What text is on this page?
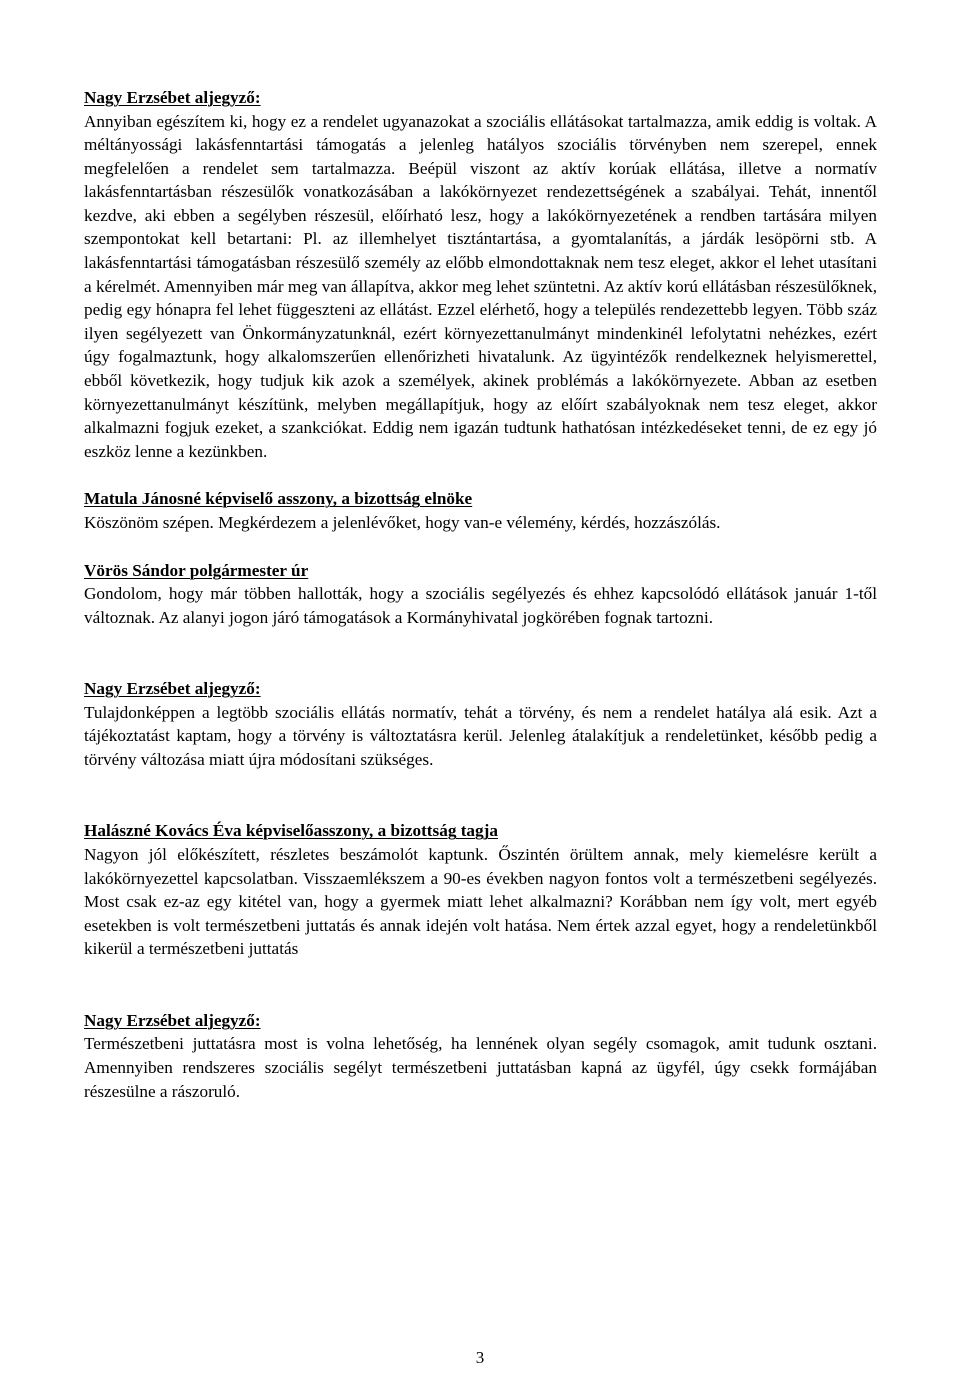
Nagy Erzsébet aljegyző:

Annyiban egészítem ki, hogy ez a rendelet ugyanazokat a szociális ellátásokat tartalmazza, amik eddig is voltak. A méltányossági lakásfenntartási támogatás a jelenleg hatályos szociális törvényben nem szerepel, ennek megfelelően a rendelet sem tartalmazza. Beépül viszont az aktív korúak ellátása, illetve a normatív lakásfenntartásban részesülők vonatkozásában a lakókörnyezet rendezettségének a szabályai. Tehát, innentől kezdve, aki ebben a segélyben részesül, előírható lesz, hogy a lakókörnyezetének a rendben tartására milyen szempontokat kell betartani: Pl. az illemhelyet tisztántartása, a gyomtalanítás, a járdák lesöpörni stb. A lakásfenntartási támogatásban részesülő személy az előbb elmondottaknak nem tesz eleget, akkor el lehet utasítani a kérelmét. Amennyiben már meg van állapítva, akkor meg lehet szüntetni. Az aktív korú ellátásban részesülőknek, pedig egy hónapra fel lehet függeszteni az ellátást. Ezzel elérhető, hogy a település rendezettebb legyen. Több száz ilyen segélyezett van Önkormányzatunknál, ezért környezettanulmányt mindenkinél lefolytatni nehézkes, ezért úgy fogalmaztunk, hogy alkalomszerűen ellenőrizheti hivatalunk. Az ügyintézők rendelkeznek helyismerettel, ebből következik, hogy tudjuk kik azok a személyek, akinek problémás a lakókörnyezete. Abban az esetben környezettanulmányt készítünk, melyben megállapítjuk, hogy az előírt szabályoknak nem tesz eleget, akkor alkalmazni fogjuk ezeket, a szankciókat. Eddig nem igazán tudtunk hathatósan intézkedéseket tenni, de ez egy jó eszköz lenne a kezünkben.

Matula Jánosné képviselő asszony, a bizottság elnöke

Köszönöm szépen. Megkérdezem a jelenlévőket, hogy van-e vélemény, kérdés, hozzászólás.

Vörös Sándor polgármester úr

Gondolom, hogy már többen hallották, hogy a szociális segélyezés és ehhez kapcsolódó ellátások január 1-től változnak. Az alanyi jogon járó támogatások a Kormányhivatal jogkörében fognak tartozni.

Nagy Erzsébet aljegyző:

Tulajdonképpen a legtöbb szociális ellátás normatív, tehát a törvény, és nem a rendelet hatálya alá esik. Azt a tájékoztatást kaptam, hogy a törvény is változtatásra kerül. Jelenleg átalakítjuk a rendeletünket, később pedig a törvény változása miatt újra módosítani szükséges.

Halászné Kovács Éva képviselőasszony, a bizottság tagja

Nagyon jól előkészített, részletes beszámolót kaptunk. Őszintén örültem annak, mely kiemelésre került a lakókörnyezettel kapcsolatban. Visszaemlékszem a 90-es években nagyon fontos volt a természetbeni segélyezés. Most csak ez-az egy kitétel van, hogy a gyermek miatt lehet alkalmazni? Korábban nem így volt, mert egyéb esetekben is volt természetbeni juttatás és annak idején volt hatása. Nem értek azzal egyet, hogy a rendeletünkből kikerül a természetbeni juttatás

Nagy Erzsébet aljegyző:

Természetbeni juttatásra most is volna lehetőség, ha lennének olyan segély csomagok, amit tudunk osztani. Amennyiben rendszeres szociális segélyt természetbeni juttatásban kapná az ügyfél, úgy csekk formájában részesülne a rászoruló.

3
